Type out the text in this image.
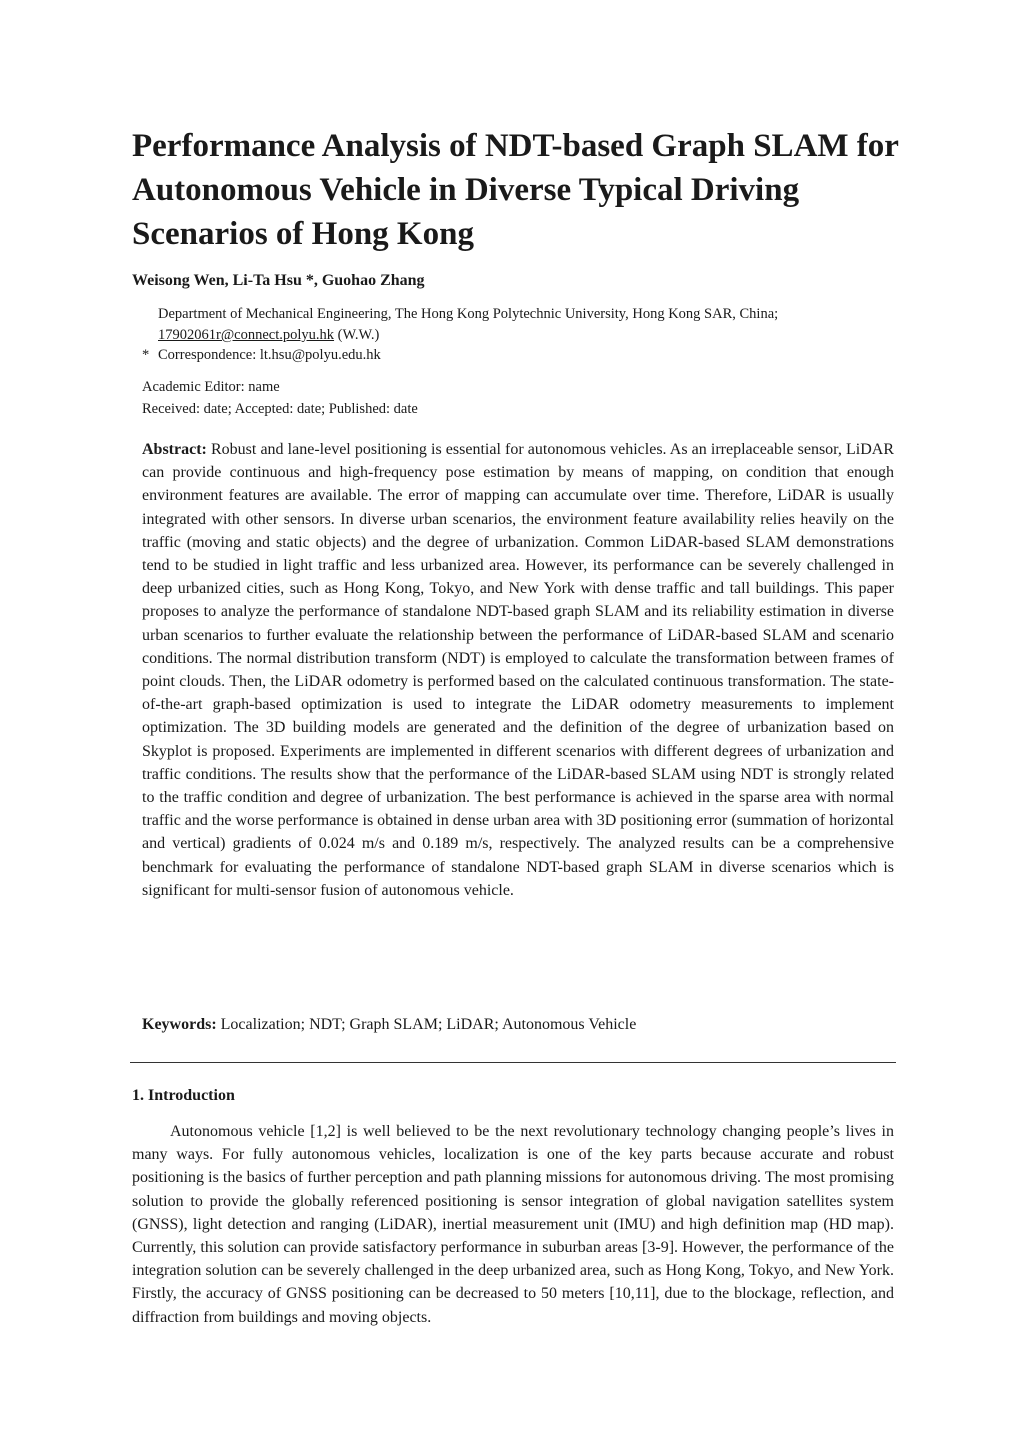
Performance Analysis of NDT-based Graph SLAM for Autonomous Vehicle in Diverse Typical Driving Scenarios of Hong Kong
Weisong Wen, Li-Ta Hsu *, Guohao Zhang
Department of Mechanical Engineering, The Hong Kong Polytechnic University, Hong Kong SAR, China;
17902061r@connect.polyu.hk (W.W.)
* Correspondence: lt.hsu@polyu.edu.hk
Academic Editor: name
Received: date; Accepted: date; Published: date

Abstract: Robust and lane-level positioning is essential for autonomous vehicles. As an irreplaceable sensor, LiDAR can provide continuous and high-frequency pose estimation by means of mapping, on condition that enough environment features are available. The error of mapping can accumulate over time. Therefore, LiDAR is usually integrated with other sensors. In diverse urban scenarios, the environment feature availability relies heavily on the traffic (moving and static objects) and the degree of urbanization. Common LiDAR-based SLAM demonstrations tend to be studied in light traffic and less urbanized area. However, its performance can be severely challenged in deep urbanized cities, such as Hong Kong, Tokyo, and New York with dense traffic and tall buildings. This paper proposes to analyze the performance of standalone NDT-based graph SLAM and its reliability estimation in diverse urban scenarios to further evaluate the relationship between the performance of LiDAR-based SLAM and scenario conditions. The normal distribution transform (NDT) is employed to calculate the transformation between frames of point clouds. Then, the LiDAR odometry is performed based on the calculated continuous transformation. The state-of-the-art graph-based optimization is used to integrate the LiDAR odometry measurements to implement optimization. The 3D building models are generated and the definition of the degree of urbanization based on Skyplot is proposed. Experiments are implemented in different scenarios with different degrees of urbanization and traffic conditions. The results show that the performance of the LiDAR-based SLAM using NDT is strongly related to the traffic condition and degree of urbanization. The best performance is achieved in the sparse area with normal traffic and the worse performance is obtained in dense urban area with 3D positioning error (summation of horizontal and vertical) gradients of 0.024 m/s and 0.189 m/s, respectively. The analyzed results can be a comprehensive benchmark for evaluating the performance of standalone NDT-based graph SLAM in diverse scenarios which is significant for multi-sensor fusion of autonomous vehicle.

Keywords: Localization; NDT; Graph SLAM; LiDAR; Autonomous Vehicle
1. Introduction

Autonomous vehicle [1,2] is well believed to be the next revolutionary technology changing people’s lives in many ways. For fully autonomous vehicles, localization is one of the key parts because accurate and robust positioning is the basics of further perception and path planning missions for autonomous driving. The most promising solution to provide the globally referenced positioning is sensor integration of global navigation satellites system (GNSS), light detection and ranging (LiDAR), inertial measurement unit (IMU) and high definition map (HD map). Currently, this solution can provide satisfactory performance in suburban areas [3-9]. However, the performance of the integration solution can be severely challenged in the deep urbanized area, such as Hong Kong, Tokyo, and New York. Firstly, the accuracy of GNSS positioning can be decreased to 50 meters [10,11], due to the blockage, reflection, and diffraction from buildings and moving objects.
